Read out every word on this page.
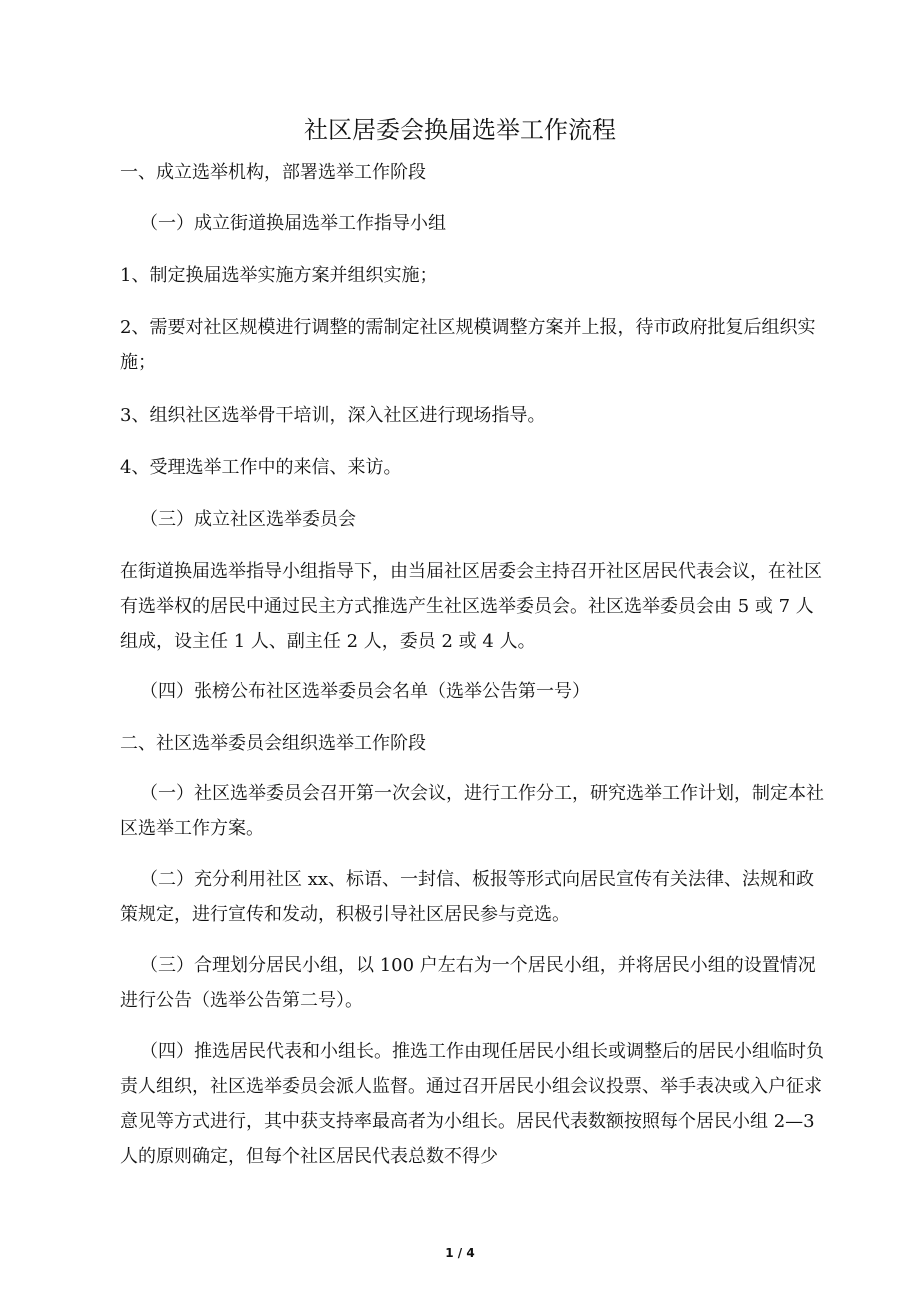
社区居委会换届选举工作流程

一、成立选举机构，部署选举工作阶段

（一）成立街道换届选举工作指导小组

1、制定换届选举实施方案并组织实施；

2、需要对社区规模进行调整的需制定社区规模调整方案并上报，待市政府批复后组织实施；

3、组织社区选举骨干培训，深入社区进行现场指导。

4、受理选举工作中的来信、来访。

（三）成立社区选举委员会

在街道换届选举指导小组指导下，由当届社区居委会主持召开社区居民代表会议，在社区有选举权的居民中通过民主方式推选产生社区选举委员会。社区选举委员会由 5 或 7 人组成，设主任 1 人、副主任 2 人，委员 2 或 4 人。

（四）张榜公布社区选举委员会名单（选举公告第一号）

二、社区选举委员会组织选举工作阶段

（一）社区选举委员会召开第一次会议，进行工作分工，研究选举工作计划，制定本社区选举工作方案。

（二）充分利用社区 xx、标语、一封信、板报等形式向居民宣传有关法律、法规和政策规定，进行宣传和发动，积极引导社区居民参与竞选。

（三）合理划分居民小组，以 100 户左右为一个居民小组，并将居民小组的设置情况进行公告（选举公告第二号）。

（四）推选居民代表和小组长。推选工作由现任居民小组长或调整后的居民小组临时负责人组织，社区选举委员会派人监督。通过召开居民小组会议投票、举手表决或入户征求意见等方式进行，其中获支持率最高者为小组长。居民代表数额按照每个居民小组 2—3 人的原则确定，但每个社区居民代表总数不得少

1 / 4
